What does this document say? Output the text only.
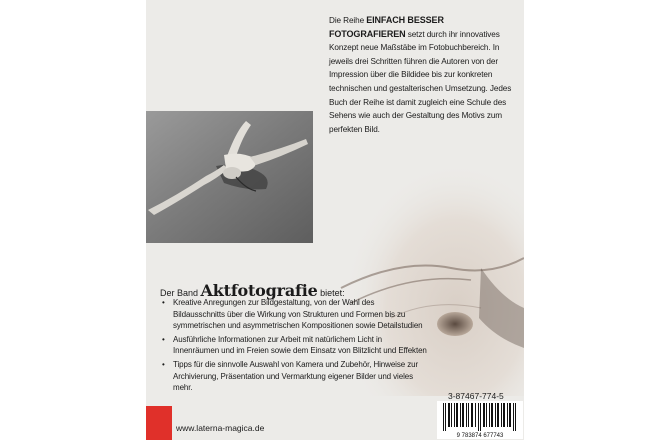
Die Reihe EINFACH BESSER FOTOGRAFIEREN setzt durch ihr innovatives Konzept neue Maßstäbe im Fotobuchbereich. In jeweils drei Schritten führen die Autoren von der Impression über die Bildidee bis zur konkreten technischen und gestalterischen Umsetzung. Jedes Buch der Reihe ist damit zugleich eine Schule des Sehens wie auch der Gestaltung des Motivs zum perfekten Bild.
Der Band Aktfotografie bietet:
• Kreative Anregungen zur Bildgestaltung, von der Wahl des Bildausschnitts über die Wirkung von Strukturen und Formen bis zu symmetrischen und asymmetrischen Kompositionen sowie Detailstudien
• Ausführliche Informationen zur Arbeit mit natürlichem Licht in Innenräumen und im Freien sowie dem Einsatz von Blitzlicht und Effekten
• Tipps für die sinnvolle Auswahl von Kamera und Zubehör, Hinweise zur Archivierung, Präsentation und Vermarktung eigener Bilder und vieles mehr.
www.laterna-magica.de
3-87467-774-5
9 783874 677743
